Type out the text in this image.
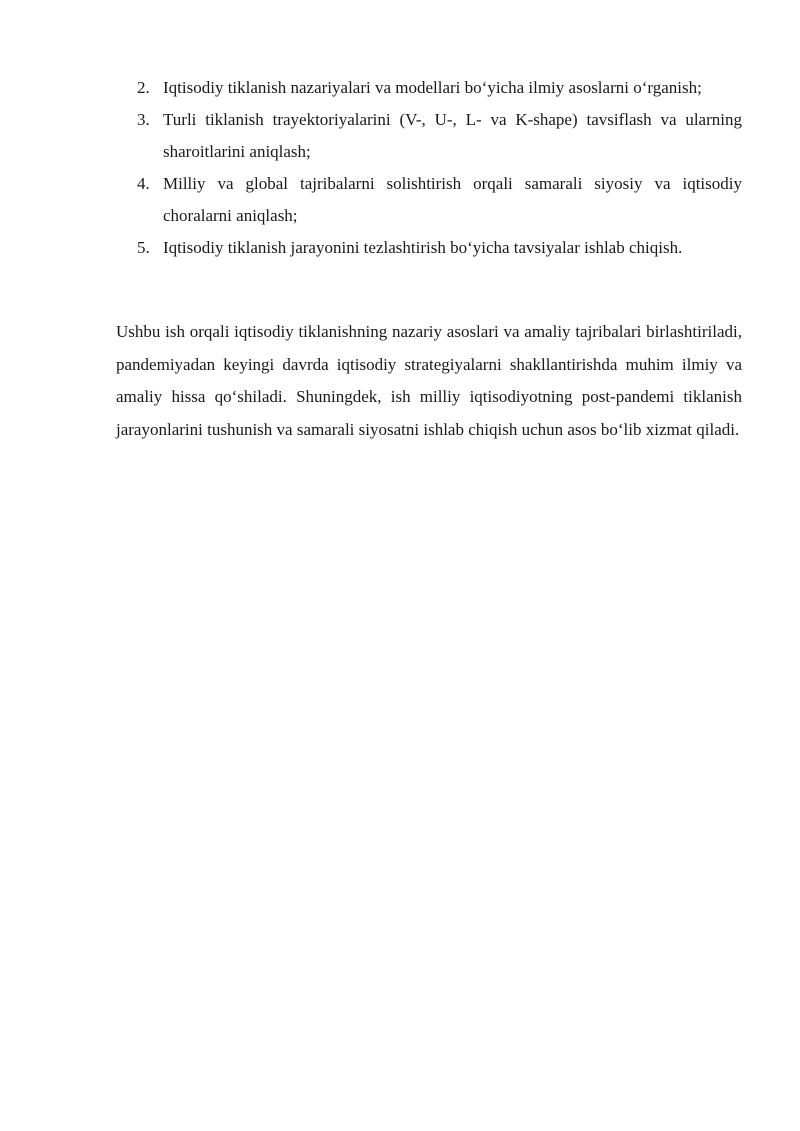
2. Iqtisodiy tiklanish nazariyalari va modellari bo‘yicha ilmiy asoslarni o‘rganish;
3. Turli tiklanish trayektoriyalarini (V-, U-, L- va K-shape) tavsiflash va ularning sharoitlarini aniqlash;
4. Milliy va global tajribalarni solishtirish orqali samarali siyosiy va iqtisodiy choralarni aniqlash;
5. Iqtisodiy tiklanish jarayonini tezlashtirish bo‘yicha tavsiyalar ishlab chiqish.

Ushbu ish orqali iqtisodiy tiklanishning nazariy asoslari va amaliy tajribalari birlashtiriladi, pandemiyadan keyingi davrda iqtisodiy strategiyalarni shakllantirishda muhim ilmiy va amaliy hissa qo‘shiladi. Shuningdek, ish milliy iqtisodiyotning post-pandemi tiklanish jarayonlarini tushunish va samarali siyosatni ishlab chiqish uchun asos bo‘lib xizmat qiladi.
